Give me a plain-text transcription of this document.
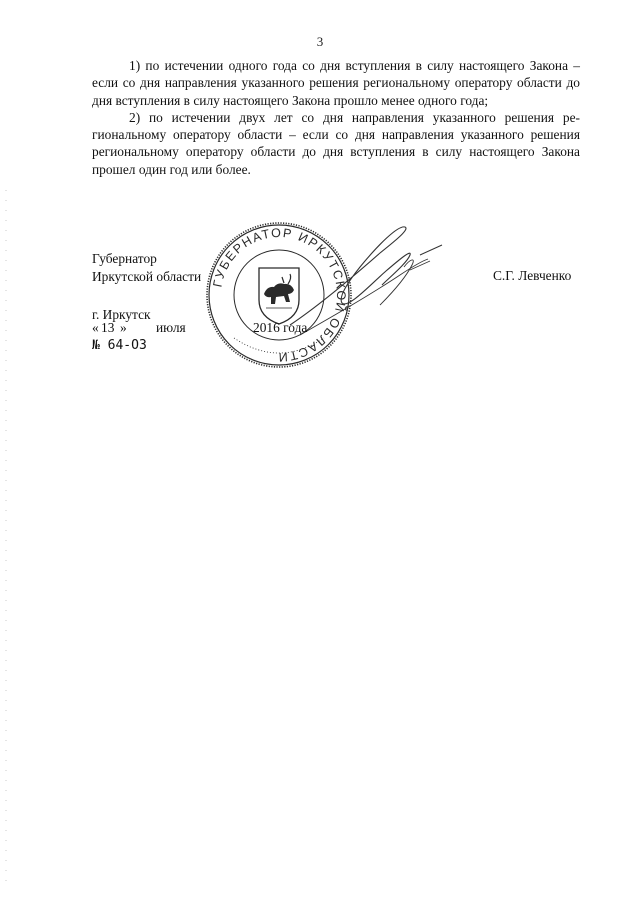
3

1) по истечении одного года со дня вступления в силу настоящего Закона – если со дня направления указанного решения региональному оператору области до дня вступления в силу настоящего Закона прошло менее одного года;

2) по истечении двух лет со дня направления указанного решения региональному оператору области – если со дня направления указанного решения региональному оператору области до дня вступления в силу настоящего Закона прошел один год или более.

ГУБЕРНАТОР ИРКУТСКОЙ ОБЛАСТИ
Губернатор
Иркутской области	С.Г. Левченко
г. Иркутск
« 13 » июля	2016 года
№ 64-ОЗ
